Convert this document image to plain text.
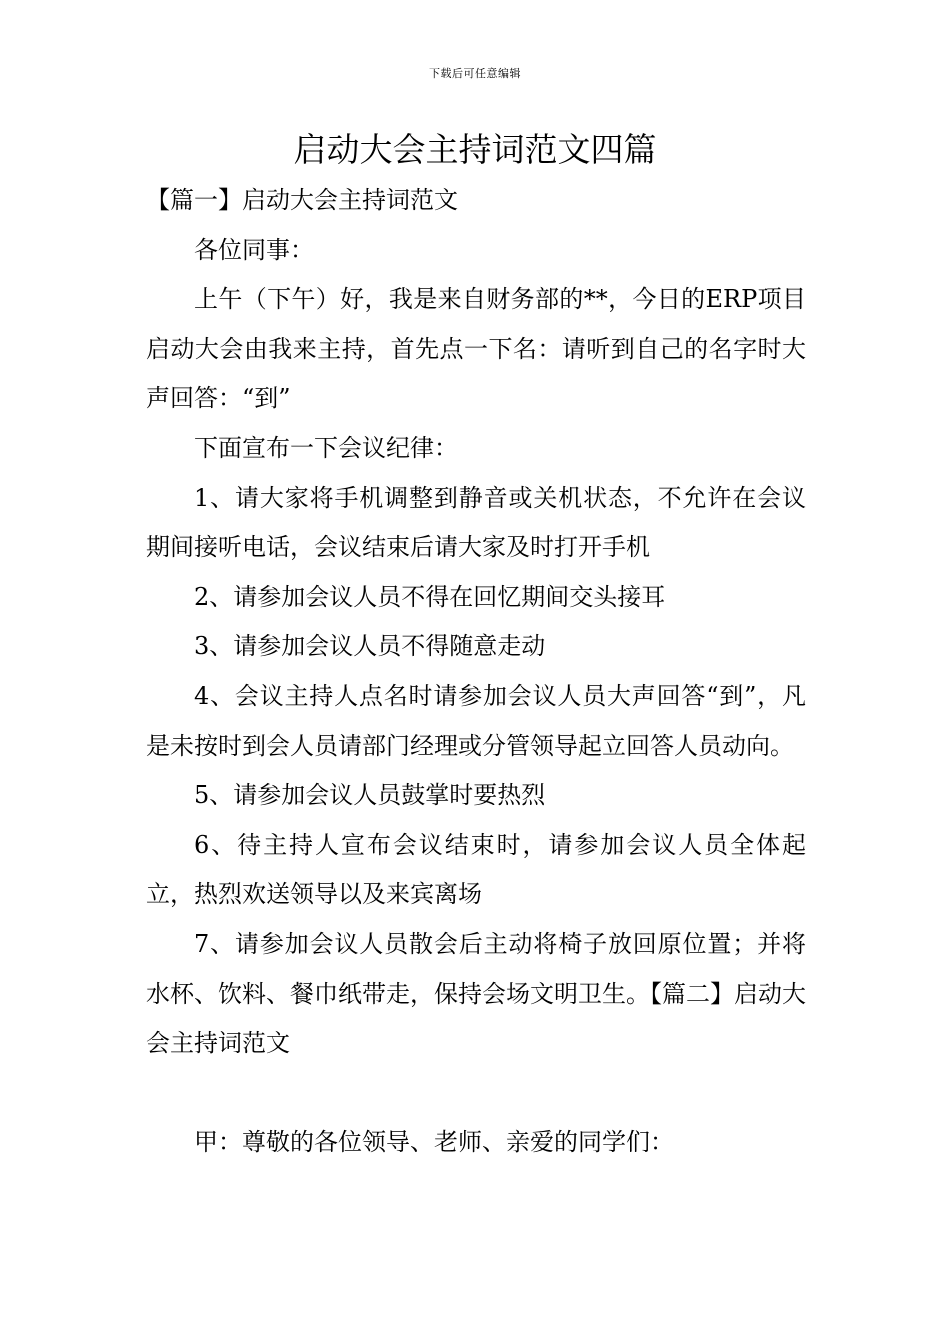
下载后可任意编辑
启动大会主持词范文四篇

【篇一】启动大会主持词范文

各位同事：

上午（下午）好，我是来自财务部的**，今日的ERP项目启动大会由我来主持，首先点一下名：请听到自己的名字时大声回答：“到”

下面宣布一下会议纪律：

1、请大家将手机调整到静音或关机状态，不允许在会议期间接听电话，会议结束后请大家及时打开手机

2、请参加会议人员不得在回忆期间交头接耳

3、请参加会议人员不得随意走动

4、会议主持人点名时请参加会议人员大声回答“到”，凡是未按时到会人员请部门经理或分管领导起立回答人员动向。

5、请参加会议人员鼓掌时要热烈

6、待主持人宣布会议结束时，请参加会议人员全体起立，热烈欢送领导以及来宾离场

7、请参加会议人员散会后主动将椅子放回原位置；并将水杯、饮料、餐巾纸带走，保持会场文明卫生。【篇二】启动大会主持词范文

甲：尊敬的各位领导、老师、亲爱的同学们：
